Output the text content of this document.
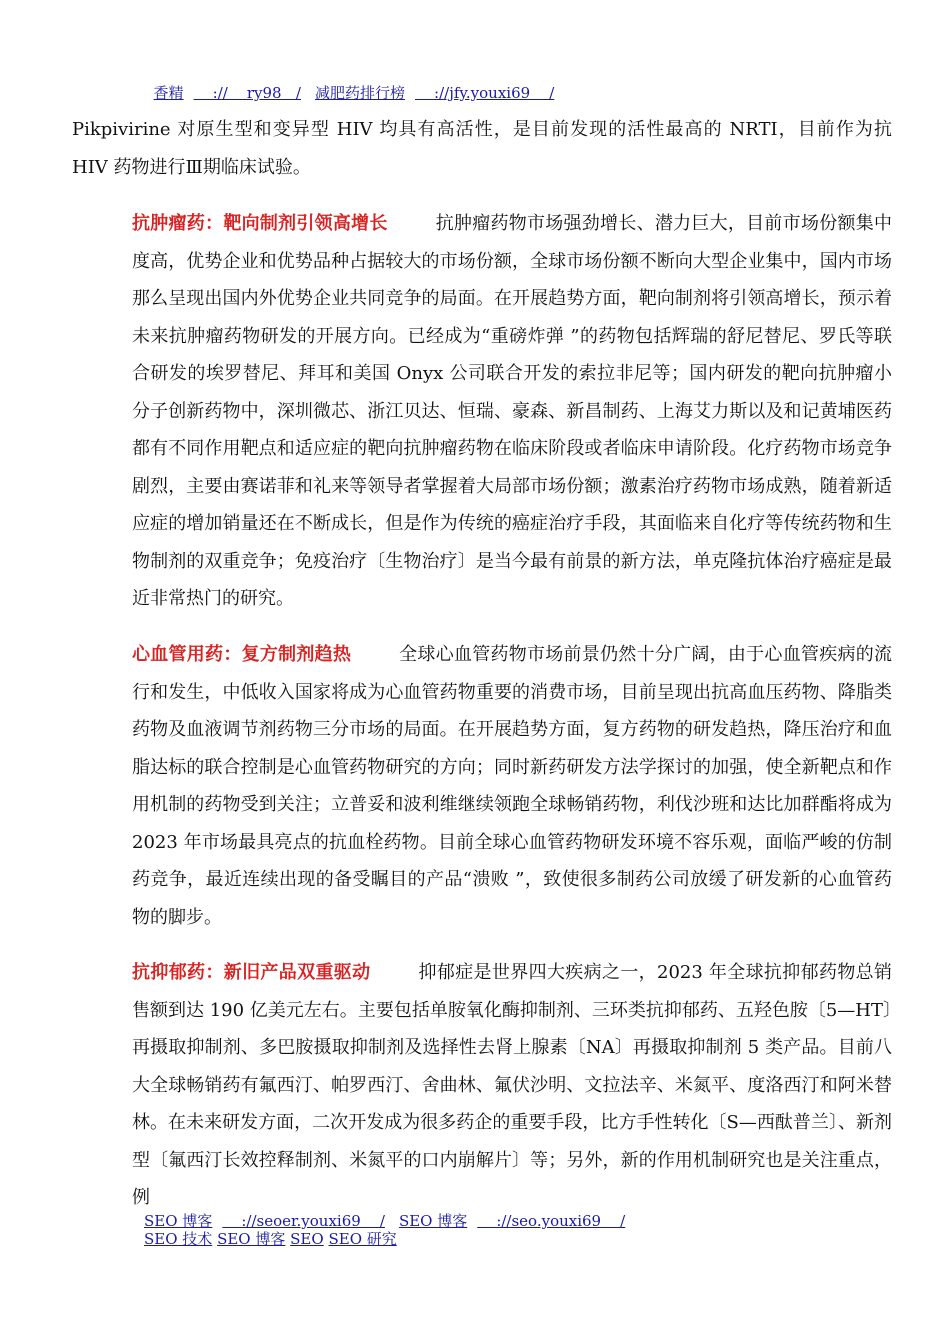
香精    ://    ry98   / 减肥药排行榜    ://jfy.youxi69    /

Pikpivirine 对原生型和变异型 HIV 均具有高活性，是目前发现的活性最高的 NRTI，目前作为抗 HIV 药物进行Ⅲ期临床试验。

抗肿瘤药：靶向制剂引领高增长	抗肿瘤药物市场强劲增长、潜力巨大，目前市场份额集中度高，优势企业和优势品种占据较大的市场份额，全球市场份额不断向大型企业集中，国内市场那么呈现出国内外优势企业共同竞争的局面。在开展趋势方面，靶向制剂将引领高增长，预示着未来抗肿瘤药物研发的开展方向。已经成为“重磅炸弹 ”的药物包括辉瑞的舒尼替尼、罗氏等联合研发的埃罗替尼、拜耳和美国 Onyx 公司联合开发的索拉非尼等；国内研发的靶向抗肿瘤小分子创新药物中，深圳微芯、浙江贝达、恒瑞、豪森、新昌制药、上海艾力斯以及和记黄埔医药都有不同作用靶点和适应症的靶向抗肿瘤药物在临床阶段或者临床申请阶段。化疗药物市场竞争剧烈，主要由赛诺菲和礼来等领导者掌握着大局部市场份额；激素治疗药物市场成熟，随着新适应症的增加销量还在不断成长，但是作为传统的癌症治疗手段，其面临来自化疗等传统药物和生物制剂的双重竞争；免疫治疗〔生物治疗〕是当今最有前景的新方法，单克隆抗体治疗癌症是最近非常热门的研究。

心血管用药：复方制剂趋热	全球心血管药物市场前景仍然十分广阔，由于心血管疾病的流行和发生，中低收入国家将成为心血管药物重要的消费市场，目前呈现出抗高血压药物、降脂类药物及血液调节剂药物三分市场的局面。在开展趋势方面，复方药物的研发趋热，降压治疗和血脂达标的联合控制是心血管药物研究的方向；同时新药研发方法学探讨的加强，使全新靶点和作用机制的药物受到关注；立普妥和波利维继续领跑全球畅销药物，利伐沙班和达比加群酯将成为 2023 年市场最具亮点的抗血栓药物。目前全球心血管药物研发环境不容乐观，面临严峻的仿制药竞争，最近连续出现的备受瞩目的产品“溃败 ”，致使很多制药公司放缓了研发新的心血管药物的脚步。

抗抑郁药：新旧产品双重驱动	抑郁症是世界四大疾病之一，2023 年全球抗抑郁药物总销售额到达 190 亿美元左右。主要包括单胺氧化酶抑制剂、三环类抗抑郁药、五羟色胺〔5—HT〕再摄取抑制剂、多巴胺摄取抑制剂及选择性去肾上腺素〔NA〕再摄取抑制剂 5 类产品。目前八大全球畅销药有氟西汀、帕罗西汀、舍曲林、氟伏沙明、文拉法辛、米氮平、度洛西汀和阿米替林。在未来研发方面，二次开发成为很多药企的重要手段，比方手性转化〔S—西酞普兰〕、新剂型〔氟西汀长效控释制剂、米氮平的口内崩解片〕等；另外，新的作用机制研究也是关注重点，例

SEO 博客    ://seoer.youxi69    / SEO 博客    ://seo.youxi69    /
SEO 技术 SEO 博客 SEO SEO 研究
